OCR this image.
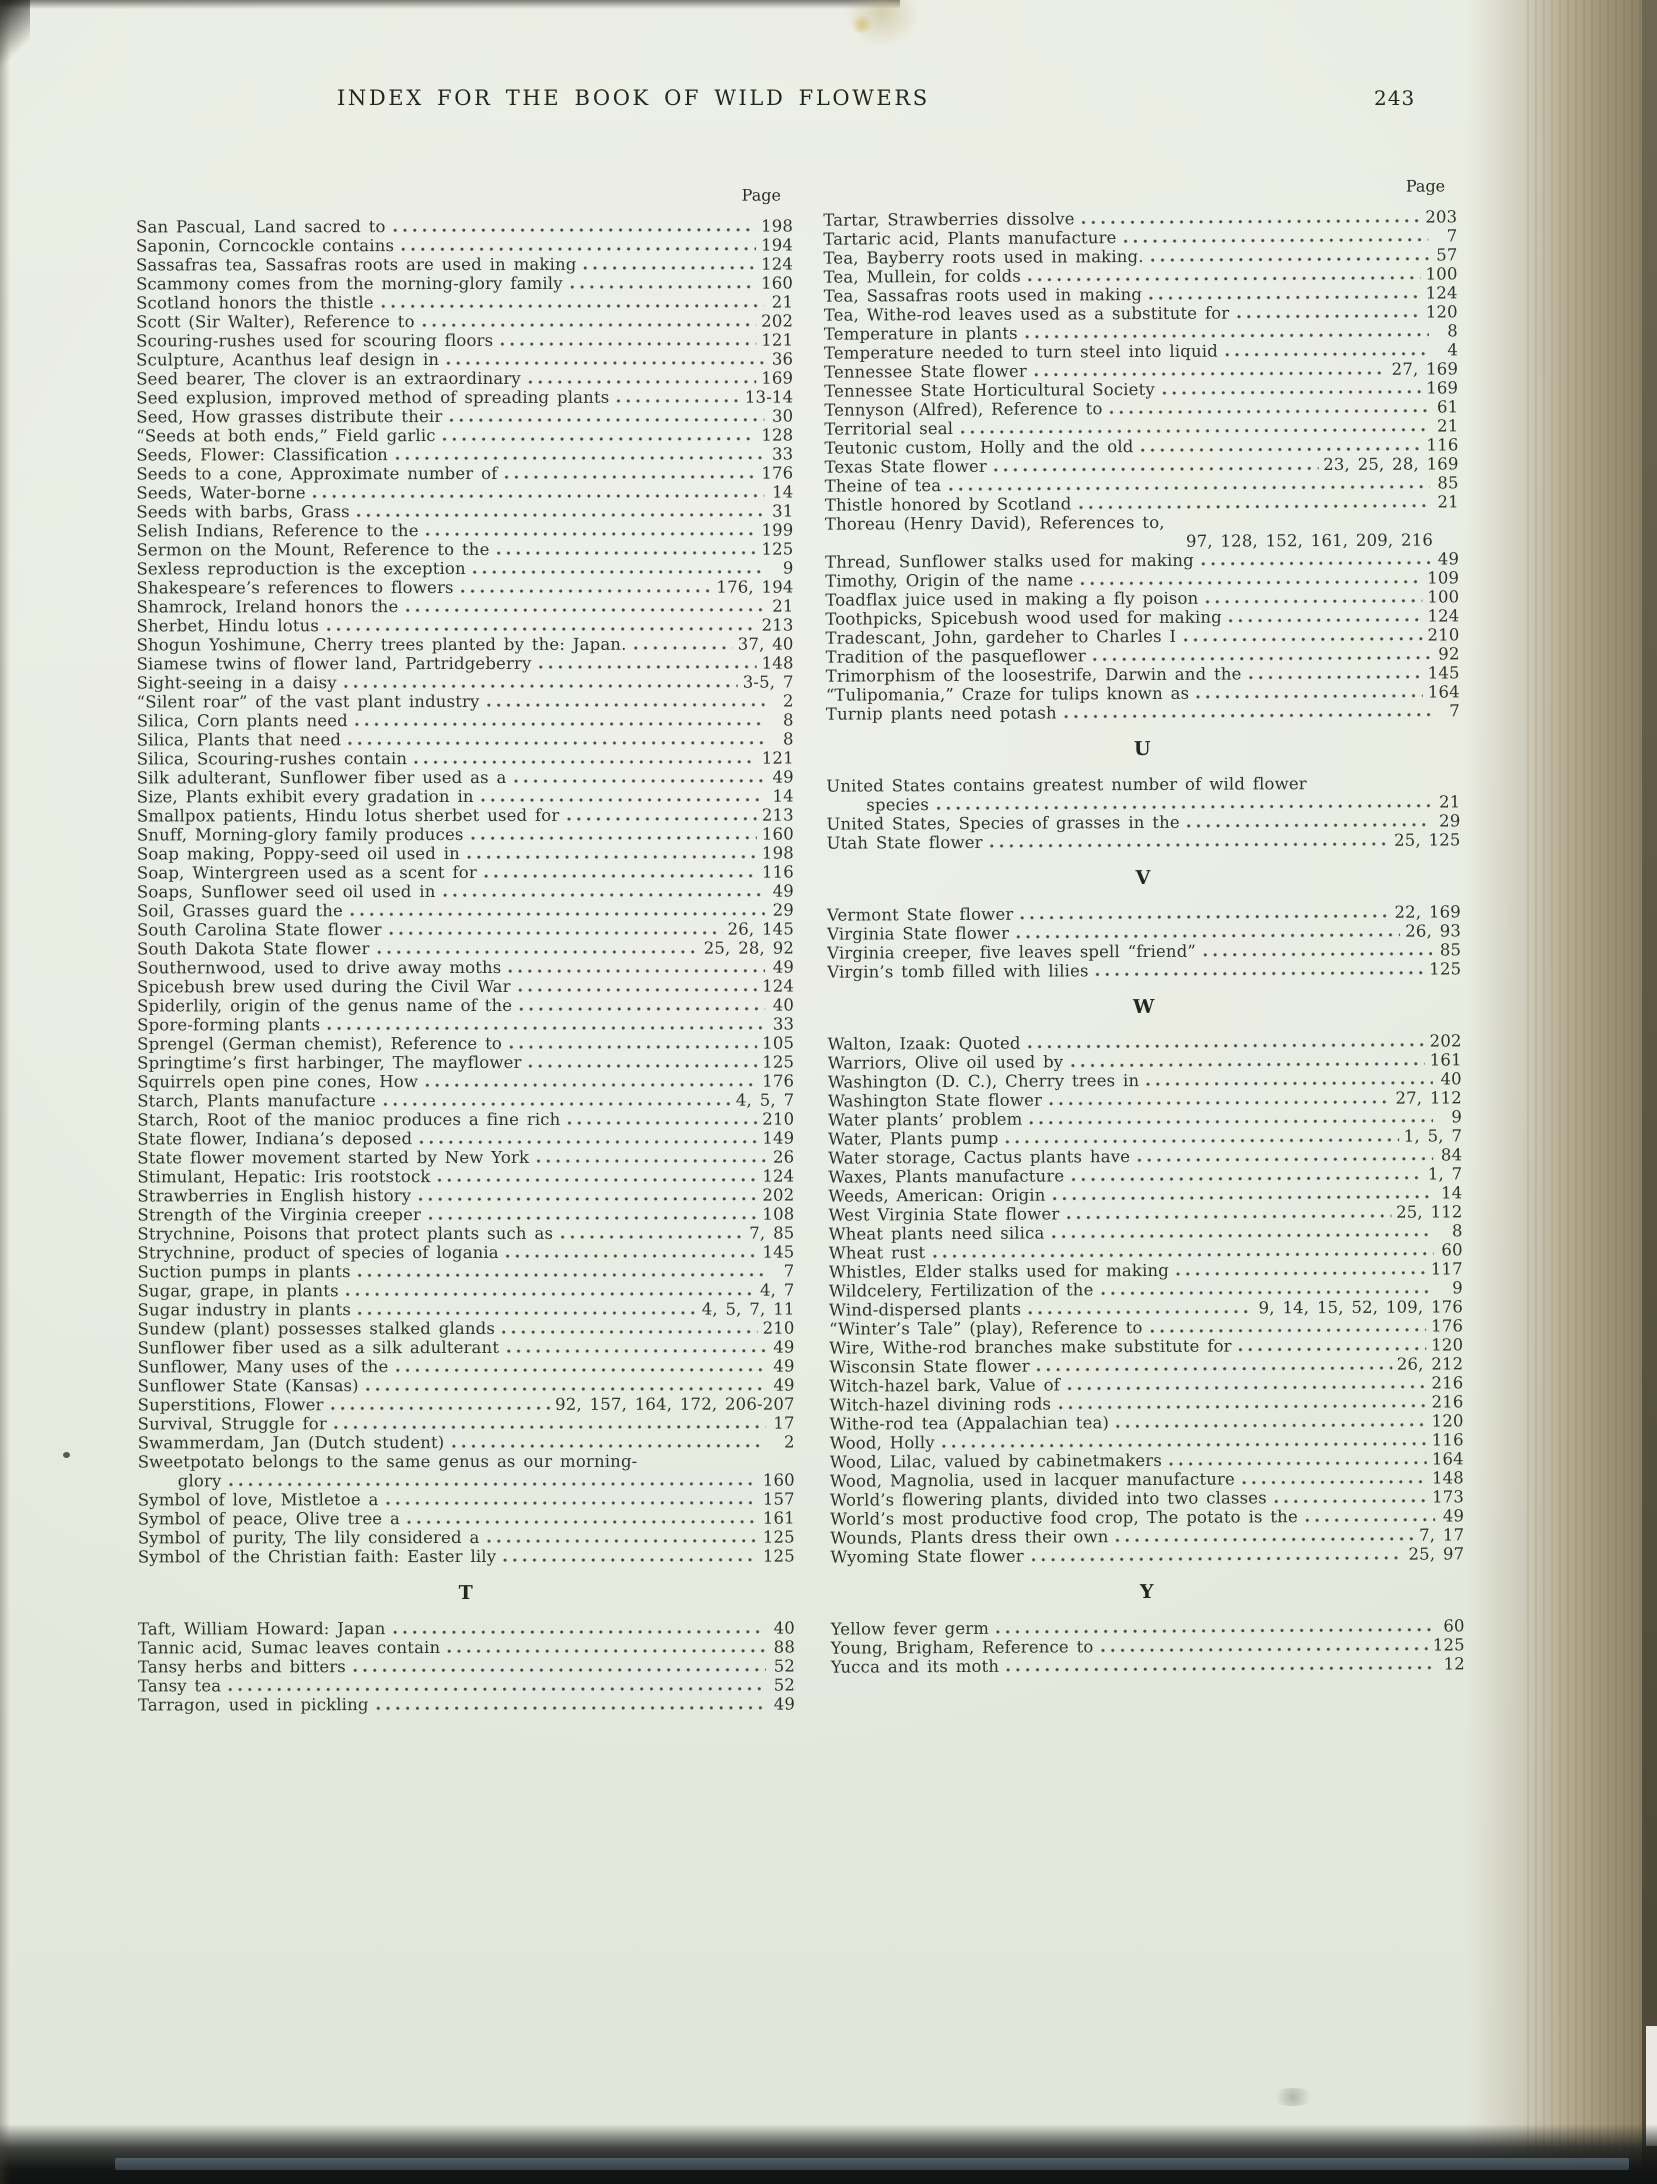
INDEX FOR THE BOOK OF WILD FLOWERS	243
Page
San Pascual, Land sacred to	198
Saponin, Corncockle contains	194
Sassafras tea, Sassafras roots are used in making	124
Scammony comes from the morning-glory family	160
Scotland honors the thistle	21
Scott (Sir Walter), Reference to	202
Scouring-rushes used for scouring floors	121
Sculpture, Acanthus leaf design in	36
Seed bearer, The clover is an extraordinary	169
Seed explusion, improved method of spreading plants	13-14
Seed, How grasses distribute their	30
“Seeds at both ends,” Field garlic	128
Seeds, Flower: Classification	33
Seeds to a cone, Approximate number of	176
Seeds, Water-borne	14
Seeds with barbs, Grass	31
Selish Indians, Reference to the	199
Sermon on the Mount, Reference to the	125
Sexless reproduction is the exception	9
Shakespeare’s references to flowers	176, 194
Shamrock, Ireland honors the	21
Sherbet, Hindu lotus	213
Shogun Yoshimune, Cherry trees planted by the: Japan.	37, 40
Siamese twins of flower land, Partridgeberry	148
Sight-seeing in a daisy	3-5, 7
“Silent roar” of the vast plant industry	2
Silica, Corn plants need	8
Silica, Plants that need	8
Silica, Scouring-rushes contain	121
Silk adulterant, Sunflower fiber used as a	49
Size, Plants exhibit every gradation in	14
Smallpox patients, Hindu lotus sherbet used for	213
Snuff, Morning-glory family produces	160
Soap making, Poppy-seed oil used in	198
Soap, Wintergreen used as a scent for	116
Soaps, Sunflower seed oil used in	49
Soil, Grasses guard the	29
South Carolina State flower	26, 145
South Dakota State flower	25, 28, 92
Southernwood, used to drive away moths	49
Spicebush brew used during the Civil War	124
Spiderlily, origin of the genus name of the	40
Spore-forming plants	33
Sprengel (German chemist), Reference to	105
Springtime’s first harbinger, The mayflower	125
Squirrels open pine cones, How	176
Starch, Plants manufacture	4, 5, 7
Starch, Root of the manioc produces a fine rich	210
State flower, Indiana’s deposed	149
State flower movement started by New York	26
Stimulant, Hepatic: Iris rootstock	124
Strawberries in English history	202
Strength of the Virginia creeper	108
Strychnine, Poisons that protect plants such as	7, 85
Strychnine, product of species of logania	145
Suction pumps in plants	7
Sugar, grape, in plants	4, 7
Sugar industry in plants	4, 5, 7, 11
Sundew (plant) possesses stalked glands	210
Sunflower fiber used as a silk adulterant	49
Sunflower, Many uses of the	49
Sunflower State (Kansas)	49
Superstitions, Flower	92, 157, 164, 172, 206-207
Survival, Struggle for	17
Swammerdam, Jan (Dutch student)	2
Sweetpotato belongs to the same genus as our morning-
glory	160
Symbol of love, Mistletoe a	157
Symbol of peace, Olive tree a	161
Symbol of purity, The lily considered a	125
Symbol of the Christian faith: Easter lily	125
T
Taft, William Howard: Japan	40
Tannic acid, Sumac leaves contain	88
Tansy herbs and bitters	52
Tansy tea	52
Tarragon, used in pickling	49
Page
Tartar, Strawberries dissolve	203
Tartaric acid, Plants manufacture	7
Tea, Bayberry roots used in making.	57
Tea, Mullein, for colds	100
Tea, Sassafras roots used in making	124
Tea, Withe-rod leaves used as a substitute for	120
Temperature in plants	8
Temperature needed to turn steel into liquid	4
Tennessee State flower	27, 169
Tennessee State Horticultural Society	169
Tennyson (Alfred), Reference to	61
Territorial seal	21
Teutonic custom, Holly and the old	116
Texas State flower	23, 25, 28, 169
Theine of tea	85
Thistle honored by Scotland	21
Thoreau (Henry David), References to,
97, 128, 152, 161, 209, 216
Thread, Sunflower stalks used for making	49
Timothy, Origin of the name	109
Toadflax juice used in making a fly poison	100
Toothpicks, Spicebush wood used for making	124
Tradescant, John, gardeher to Charles I	210
Tradition of the pasqueflower	92
Trimorphism of the loosestrife, Darwin and the	145
“Tulipomania,” Craze for tulips known as	164
Turnip plants need potash	7
U
United States contains greatest number of wild flower
species	21
United States, Species of grasses in the	29
Utah State flower	25, 125
V
Vermont State flower	22, 169
Virginia State flower	26, 93
Virginia creeper, five leaves spell “friend”	85
Virgin’s tomb filled with lilies	125
W
Walton, Izaak: Quoted	202
Warriors, Olive oil used by	161
Washington (D. C.), Cherry trees in	40
Washington State flower	27, 112
Water plants’ problem	9
Water, Plants pump	1, 5, 7
Water storage, Cactus plants have	84
Waxes, Plants manufacture	1, 7
Weeds, American: Origin	14
West Virginia State flower	25, 112
Wheat plants need silica	8
Wheat rust	60
Whistles, Elder stalks used for making	117
Wildcelery, Fertilization of the	9
Wind-dispersed plants	9, 14, 15, 52, 109, 176
“Winter’s Tale” (play), Reference to	176
Wire, Withe-rod branches make substitute for	120
Wisconsin State flower	26, 212
Witch-hazel bark, Value of	216
Witch-hazel divining rods	216
Withe-rod tea (Appalachian tea)	120
Wood, Holly	116
Wood, Lilac, valued by cabinetmakers	164
Wood, Magnolia, used in lacquer manufacture	148
World’s flowering plants, divided into two classes	173
World’s most productive food crop, The potato is the	49
Wounds, Plants dress their own	7, 17
Wyoming State flower	25, 97
Y
Yellow fever germ	60
Young, Brigham, Reference to	125
Yucca and its moth	12
